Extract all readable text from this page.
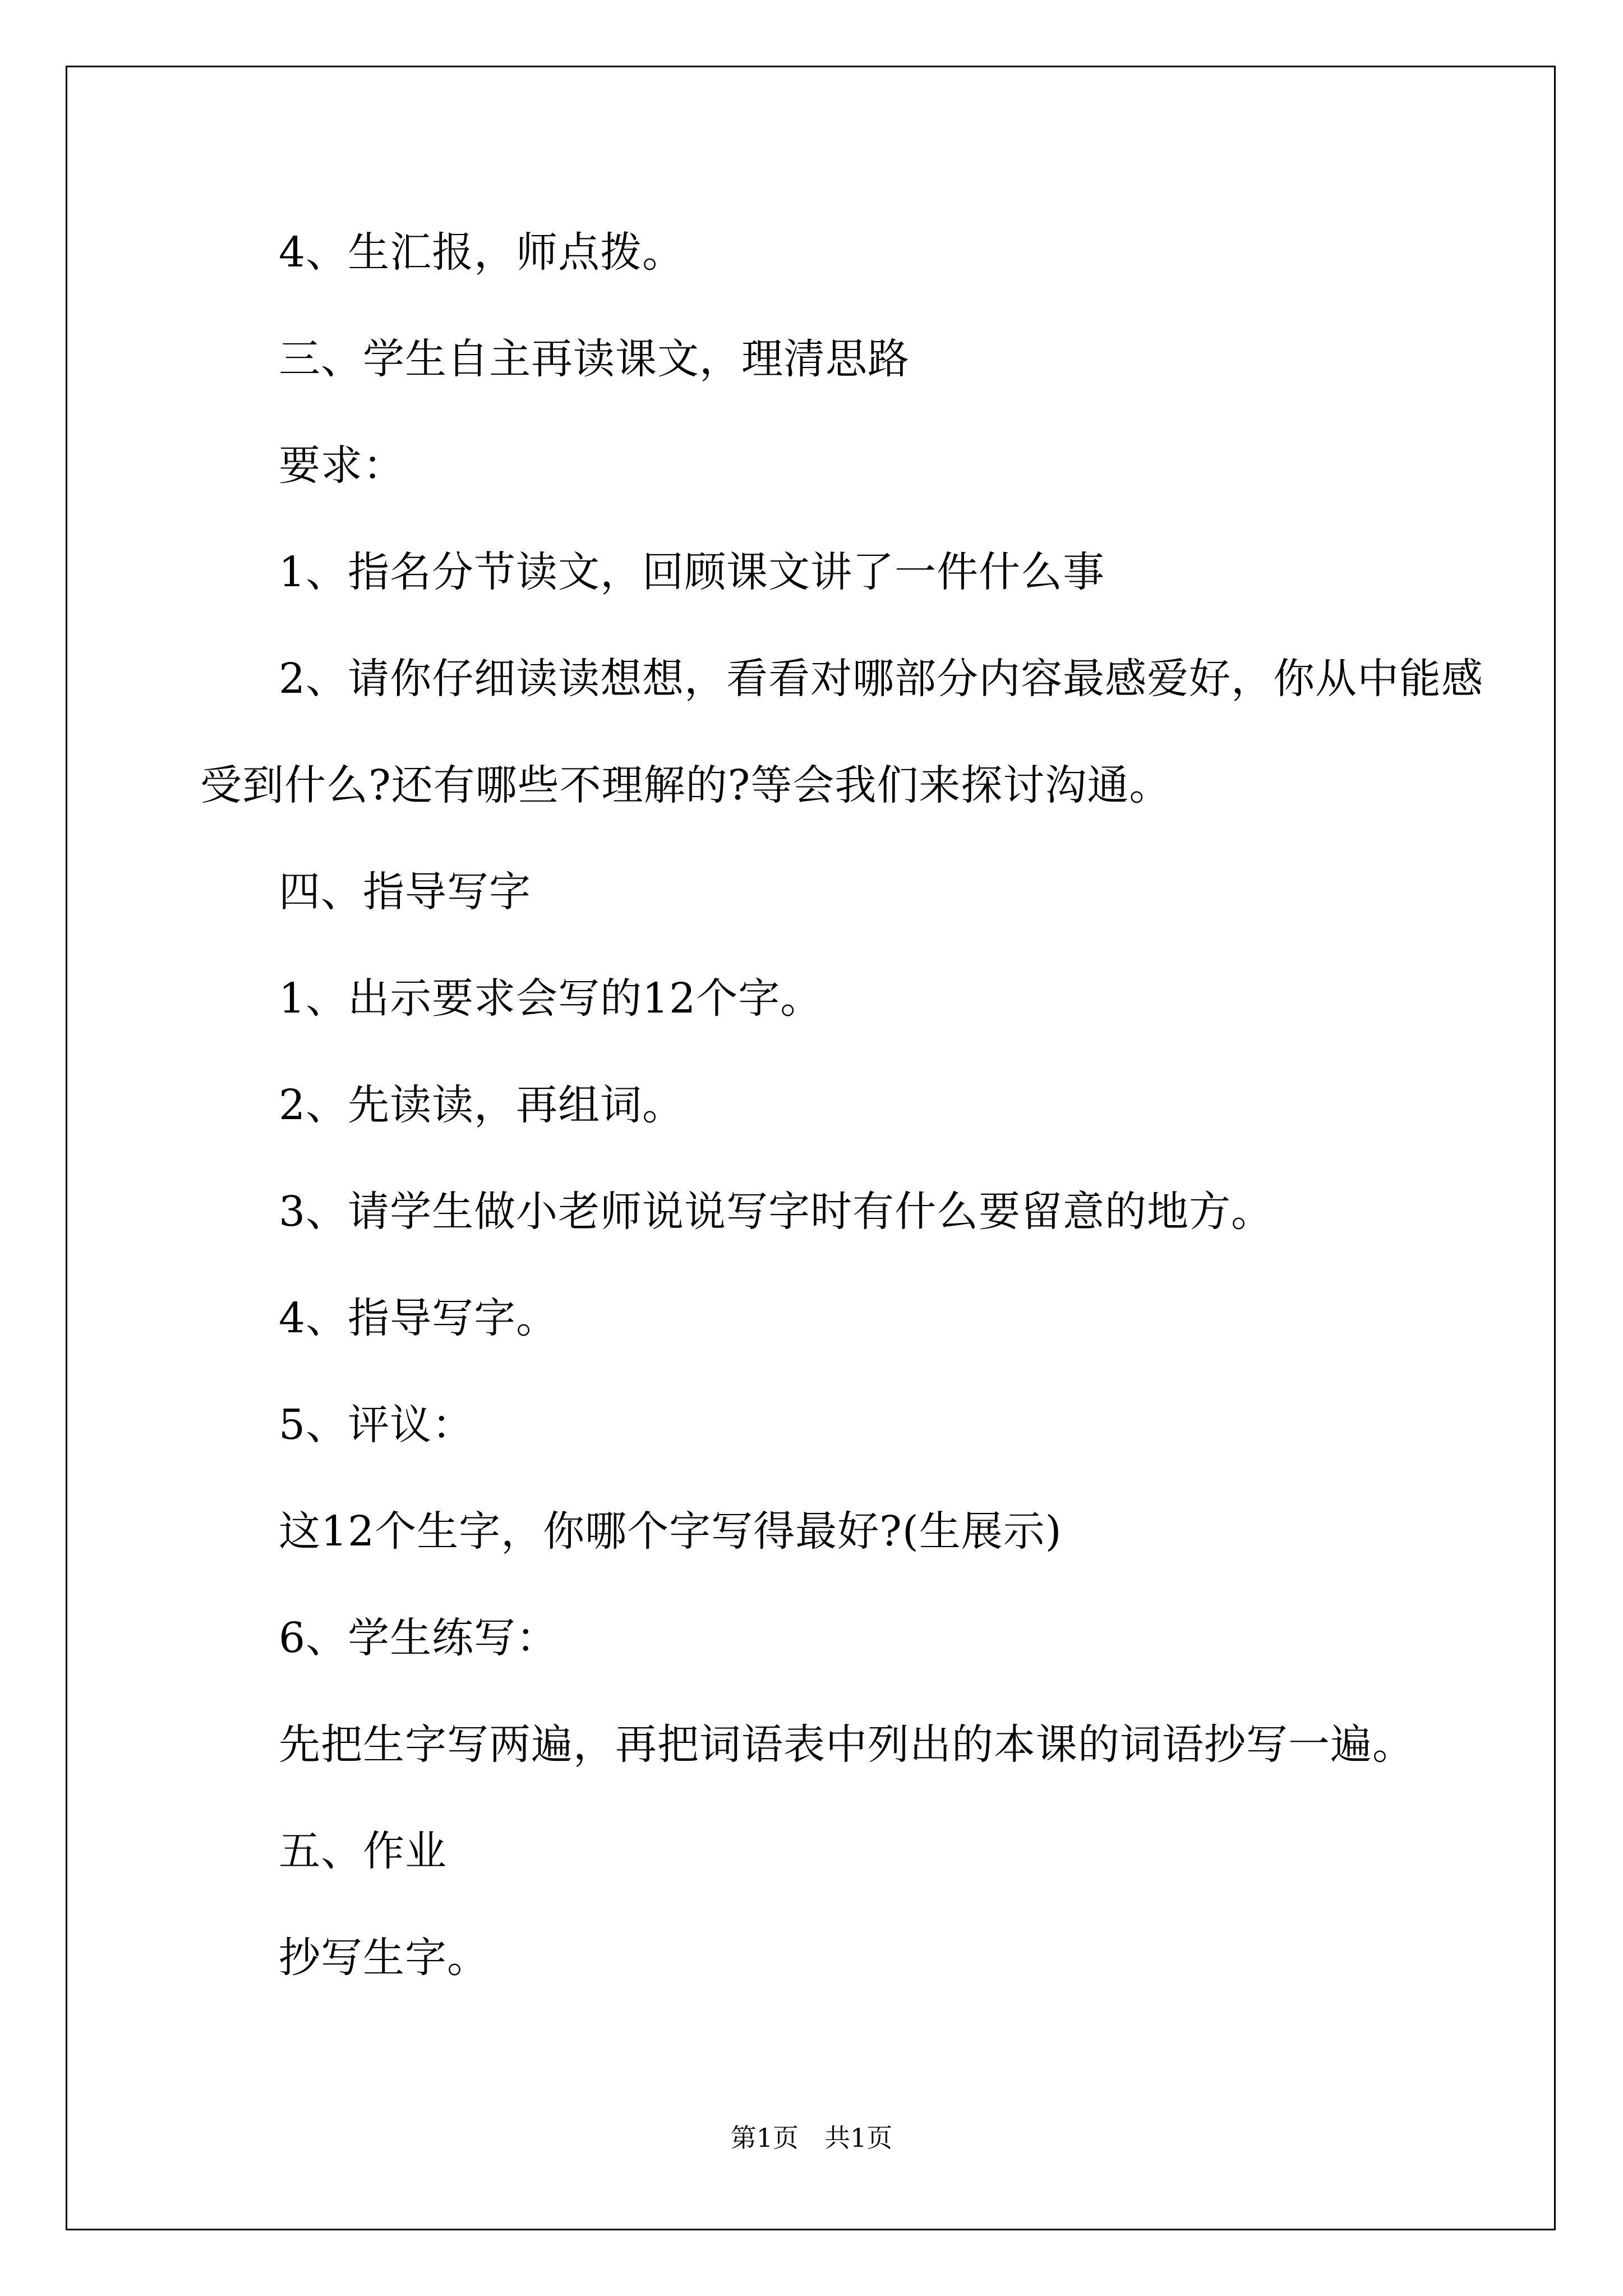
4、生汇报，师点拨。
三、学生自主再读课文，理清思路
要求：
1、指名分节读文，回顾课文讲了一件什么事
2、请你仔细读读想想，看看对哪部分内容最感爱好，你从中能感
受到什么?还有哪些不理解的?等会我们来探讨沟通。
四、指导写字
1、出示要求会写的12个字。
2、先读读，再组词。
3、请学生做小老师说说写字时有什么要留意的地方。
4、指导写字。
5、评议：
这12个生字，你哪个字写得最好?(生展示)
6、学生练写：
先把生字写两遍，再把词语表中列出的本课的词语抄写一遍。
五、作业
抄写生字。
第1页　共1页
